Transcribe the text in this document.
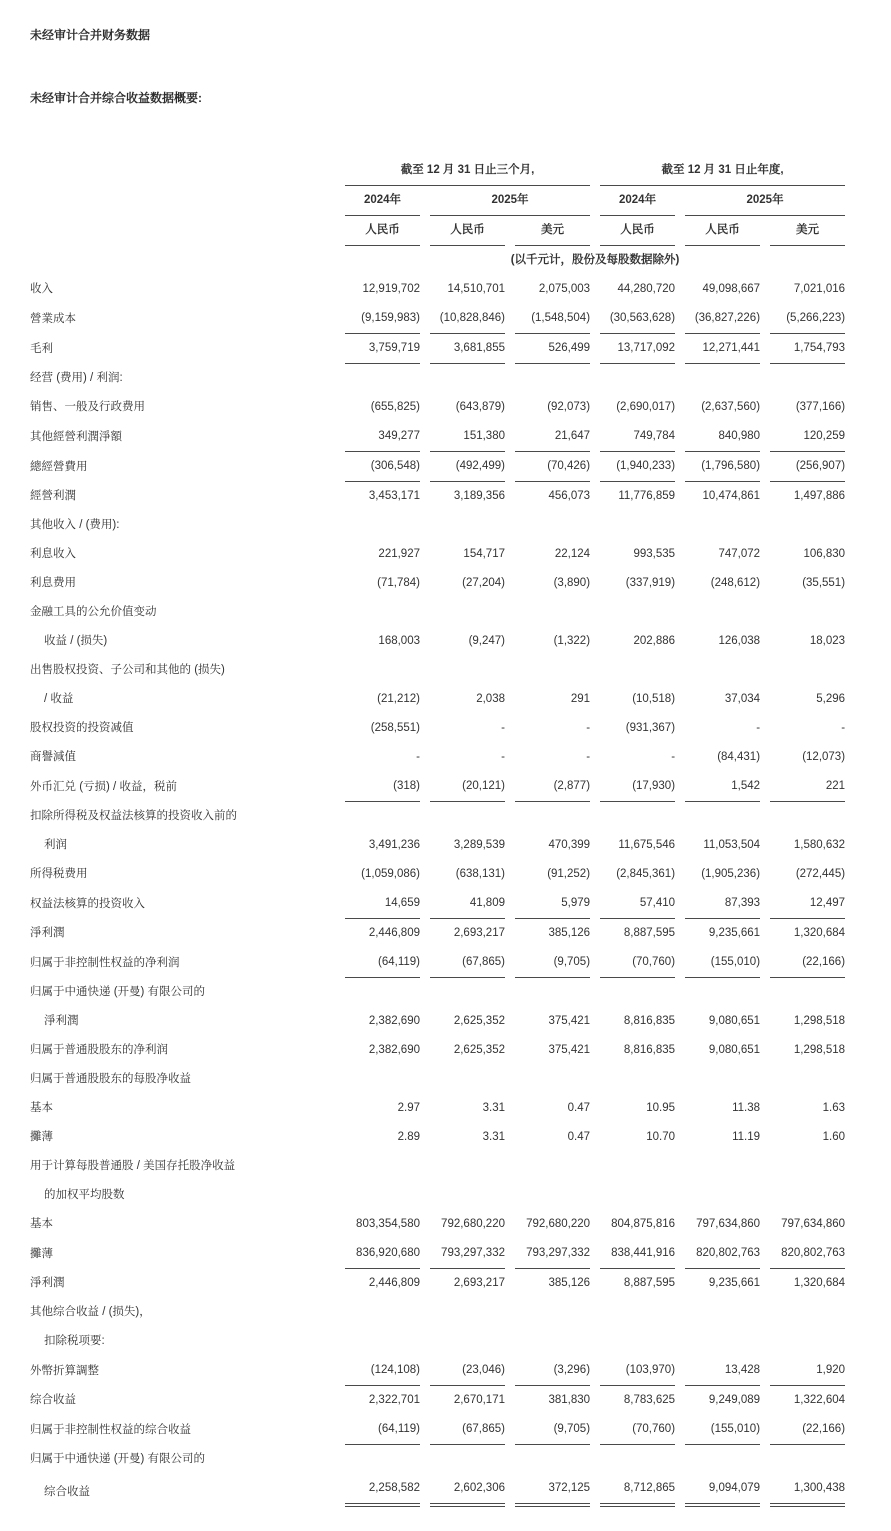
未经审计合并财务数据

未经审计合并综合收益数据概要:

	截至 12 月 31 日止三个月,			截至 12 月 31 日止年度,		
	2024年	2025年		2024年	2025年	
	人民币	人民币	美元	人民币	人民币	美元
	(以千元计，股份及每股数据除外)					
收入	12,919,702	14,510,701	2,075,003	44,280,720	49,098,667	7,021,016
營業成本	(9,159,983)	(10,828,846)	(1,548,504)	(30,563,628)	(36,827,226)	(5,266,223)
毛利	3,759,719	3,681,855	526,499	13,717,092	12,271,441	1,754,793
经营 (费用) / 利润:						
销售、一般及行政费用	(655,825)	(643,879)	(92,073)	(2,690,017)	(2,637,560)	(377,166)
其他經營利潤淨額	349,277	151,380	21,647	749,784	840,980	120,259
總經營費用	(306,548)	(492,499)	(70,426)	(1,940,233)	(1,796,580)	(256,907)
經營利潤	3,453,171	3,189,356	456,073	11,776,859	10,474,861	1,497,886
其他收入 / (费用):						
利息收入	221,927	154,717	22,124	993,535	747,072	106,830
利息费用	(71,784)	(27,204)	(3,890)	(337,919)	(248,612)	(35,551)
金融工具的公允价值变动						
收益 / (损失)	168,003	(9,247)	(1,322)	202,886	126,038	18,023
出售股权投资、子公司和其他的 (损失)						
/ 收益	(21,212)	2,038	291	(10,518)	37,034	5,296
股权投资的投资减值	(258,551)	-	-	(931,367)	-	-
商譽減值	-	-	-	-	(84,431)	(12,073)
外币汇兑 (亏损) / 收益，税前	(318)	(20,121)	(2,877)	(17,930)	1,542	221
扣除所得税及权益法核算的投资收入前的						
利润	3,491,236	3,289,539	470,399	11,675,546	11,053,504	1,580,632
所得税费用	(1,059,086)	(638,131)	(91,252)	(2,845,361)	(1,905,236)	(272,445)
权益法核算的投资收入	14,659	41,809	5,979	57,410	87,393	12,497
淨利潤	2,446,809	2,693,217	385,126	8,887,595	9,235,661	1,320,684
归属于非控制性权益的净利润	(64,119)	(67,865)	(9,705)	(70,760)	(155,010)	(22,166)
归属于中通快递 (开曼) 有限公司的						
淨利潤	2,382,690	2,625,352	375,421	8,816,835	9,080,651	1,298,518
归属于普通股股东的净利润	2,382,690	2,625,352	375,421	8,816,835	9,080,651	1,298,518
归属于普通股股东的每股净收益						
基本	2.97	3.31	0.47	10.95	11.38	1.63
攤薄	2.89	3.31	0.47	10.70	11.19	1.60
用于计算每股普通股 / 美国存托股净收益						
的加权平均股数						
基本	803,354,580	792,680,220	792,680,220	804,875,816	797,634,860	797,634,860
攤薄	836,920,680	793,297,332	793,297,332	838,441,916	820,802,763	820,802,763
淨利潤	2,446,809	2,693,217	385,126	8,887,595	9,235,661	1,320,684
其他综合收益 / (损失)，						
扣除税项要:						
外幣折算調整	(124,108)	(23,046)	(3,296)	(103,970)	13,428	1,920
综合收益	2,322,701	2,670,171	381,830	8,783,625	9,249,089	1,322,604
归属于非控制性权益的综合收益	(64,119)	(67,865)	(9,705)	(70,760)	(155,010)	(22,166)
归属于中通快递 (开曼) 有限公司的						
综合收益	2,258,582	2,602,306	372,125	8,712,865	9,094,079	1,300,438
